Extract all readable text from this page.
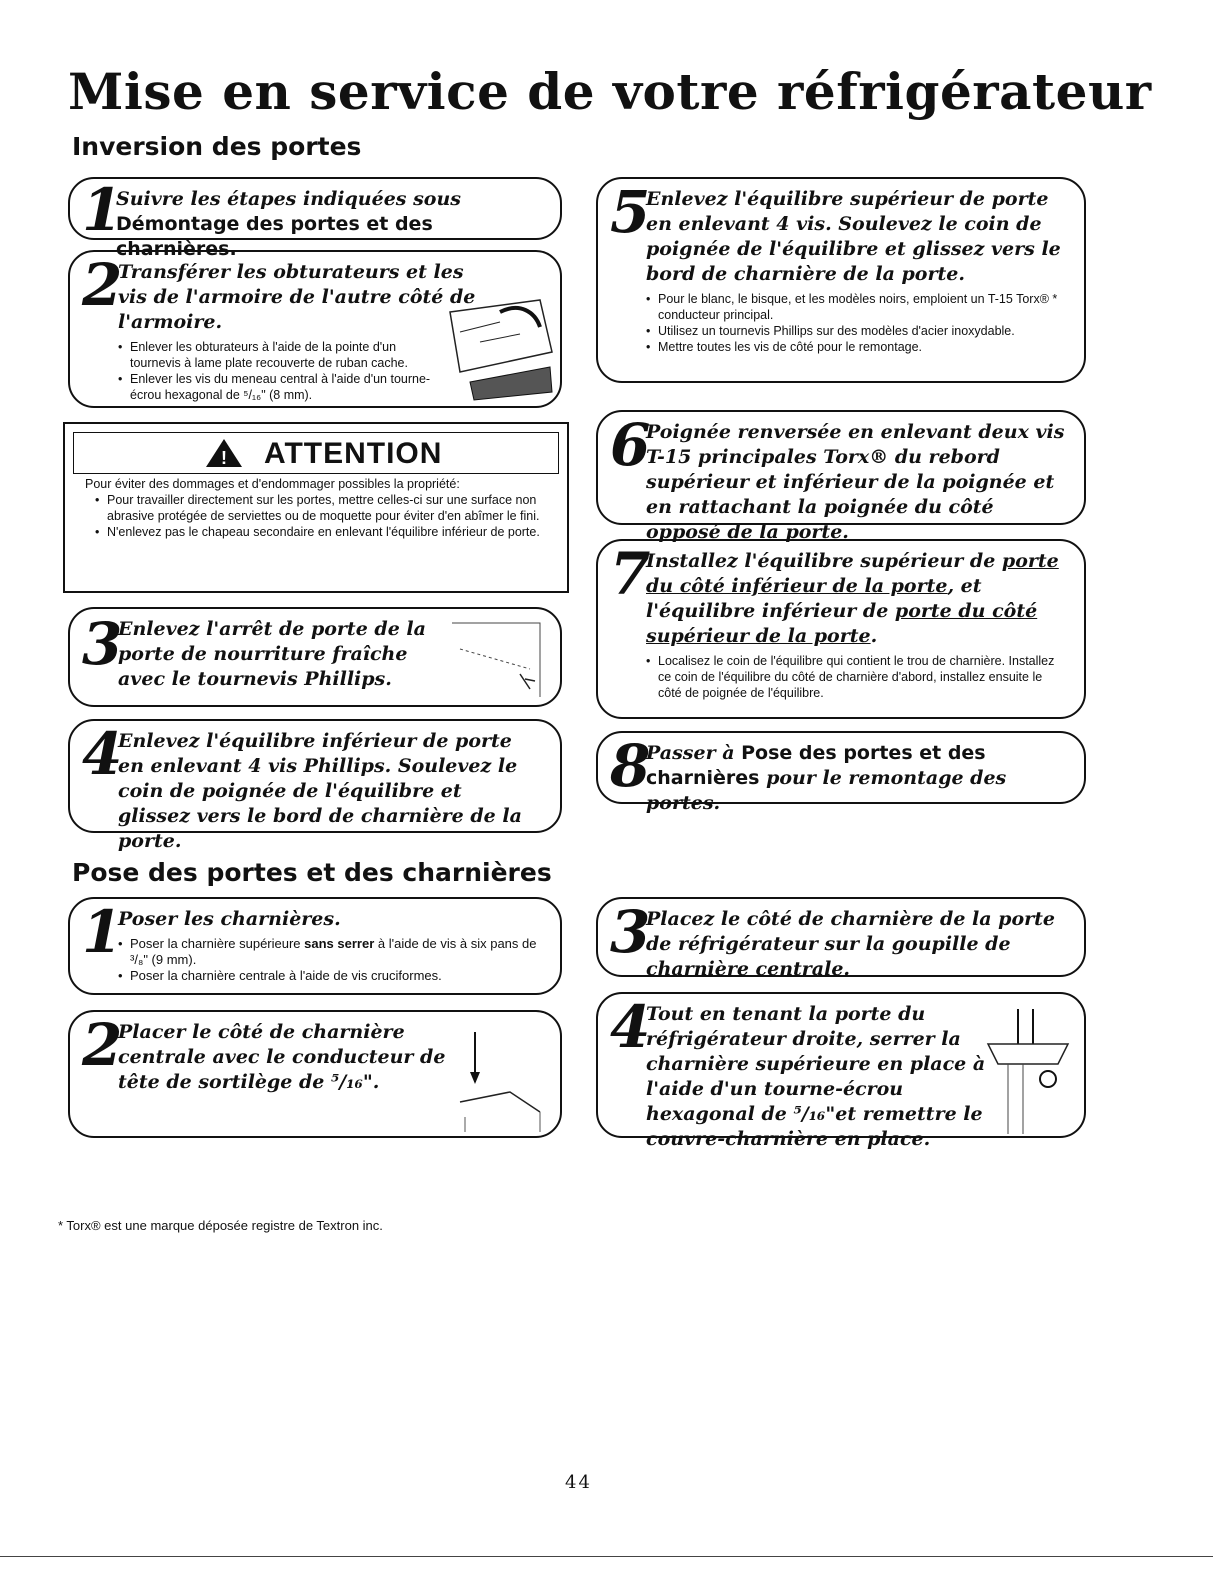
Mise en service de votre réfrigérateur
Inversion des portes
1
Suivre les étapes indiquées sous Démontage des portes et des charnières.
2
Transférer les obturateurs et les vis de l'armoire de l'autre côté de l'armoire.
• Enlever les obturateurs à l'aide de la pointe d'un tournevis à lame plate recouverte de ruban cache.
• Enlever les vis du meneau central à l'aide d'un tourne-écrou hexagonal de ⁵/₁₆" (8 mm).
! ATTENTION
Pour éviter des dommages et d'endommager possibles la propriété:
• Pour travailler directement sur les portes, mettre celles-ci sur une surface non abrasive protégée de serviettes ou de moquette pour éviter d'en abîmer le fini.
• N'enlevez pas le chapeau secondaire en enlevant l'équilibre inférieur de porte.
3
Enlevez l'arrêt de porte de la porte de nourriture fraîche avec le tournevis Phillips.
4
Enlevez l'équilibre inférieur de porte en enlevant 4 vis Phillips. Soulevez le coin de poignée de l'équilibre et glissez vers le bord de charnière de la porte.
5
Enlevez l'équilibre supérieur de porte en enlevant 4 vis. Soulevez le coin de poignée de l'équilibre et glissez vers le bord de charnière de la porte.
• Pour le blanc, le bisque, et les modèles noirs, emploient un T-15 Torx® * conducteur principal.
• Utilisez un tournevis Phillips sur des modèles d'acier inoxydable.
• Mettre toutes les vis de côté pour le remontage.
6
Poignée renversée en enlevant deux vis T-15 principales Torx® du rebord supérieur et inférieur de la poignée et en rattachant la poignée du côté opposé de la porte.
7
Installez l'équilibre supérieur de porte du côté inférieur de la porte, et l'équilibre inférieur de porte du côté supérieur de la porte.
• Localisez le coin de l'équilibre qui contient le trou de charnière. Installez ce coin de l'équilibre du côté de charnière d'abord, installez ensuite le côté de poignée de l'équilibre.
8
Passer à Pose des portes et des charnières pour le remontage des portes.
Pose des portes et des charnières
1
Poser les charnières.
• Poser la charnière supérieure sans serrer à l'aide de vis à six pans de ³/₈" (9 mm).
• Poser la charnière centrale à l'aide de vis cruciformes.
2
Placer le côté de charnière centrale avec le conducteur de tête de sortilège de ⁵/₁₆".
3
Placez le côté de charnière de la porte de réfrigérateur sur la goupille de charnière centrale.
4
Tout en tenant la porte du réfrigérateur droite, serrer la charnière supérieure en place à l'aide d'un tourne-écrou hexagonal de ⁵/₁₆"et remettre le couvre-charnière en place.
* Torx® est une marque déposée registre de Textron inc.
44
